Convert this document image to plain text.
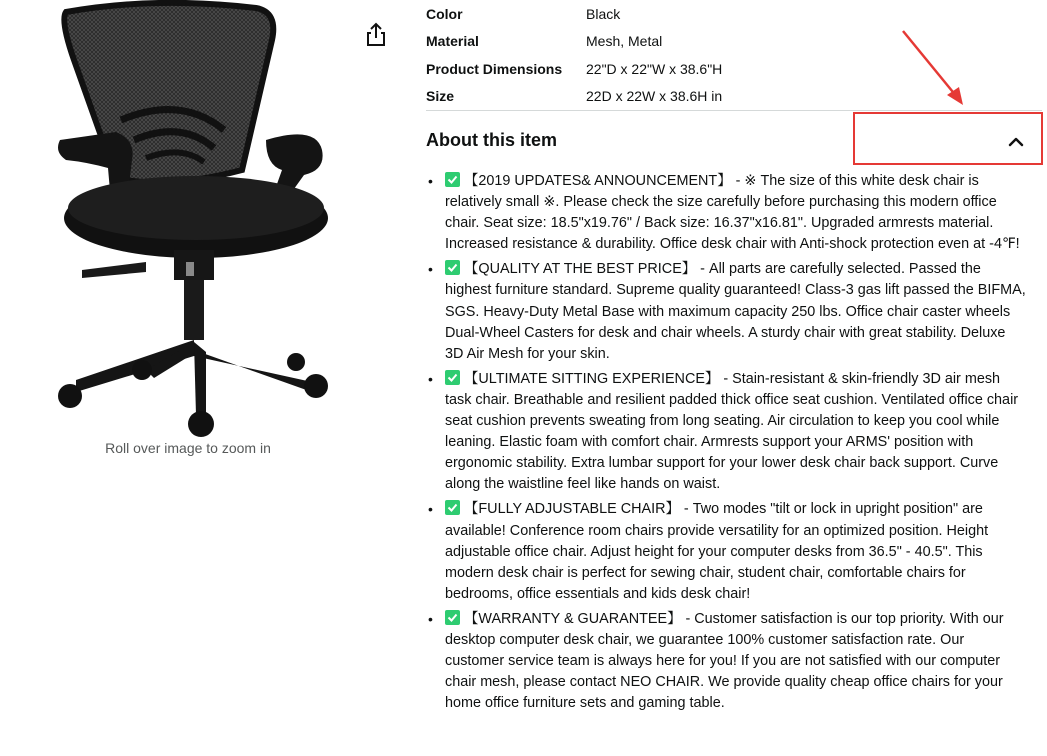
Roll over image to zoom in
Color	Black
Material	Mesh, Metal
Product Dimensions	22"D x 22"W x 38.6"H
Size	22D x 22W x 38.6H in
About this item
• 【2019 UPDATES& ANNOUNCEMENT】 - ※ The size of this white desk chair is relatively small ※. Please check the size carefully before purchasing this modern office chair. Seat size: 18.5"x19.76" / Back size: 16.37"x16.81". Upgraded armrests material. Increased resistance & durability. Office desk chair with Anti-shock protection even at -4℉!
• 【QUALITY AT THE BEST PRICE】 - All parts are carefully selected. Passed the highest furniture standard. Supreme quality guaranteed! Class-3 gas lift passed the BIFMA, SGS. Heavy-Duty Metal Base with maximum capacity 250 lbs. Office chair caster wheels Dual-Wheel Casters for desk and chair wheels. A sturdy chair with great stability. Deluxe 3D Air Mesh for your skin.
• 【ULTIMATE SITTING EXPERIENCE】 - Stain-resistant & skin-friendly 3D air mesh task chair. Breathable and resilient padded thick office seat cushion. Ventilated office chair seat cushion prevents sweating from long seating. Air circulation to keep you cool while leaning. Elastic foam with comfort chair. Armrests support your ARMS' position with ergonomic stability. Extra lumbar support for your lower desk chair back support. Curve along the waistline feel like hands on waist.
• 【FULLY ADJUSTABLE CHAIR】 - Two modes "tilt or lock in upright position" are available! Conference room chairs provide versatility for an optimized position. Height adjustable office chair. Adjust height for your computer desks from 36.5" - 40.5". This modern desk chair is perfect for sewing chair, student chair, comfortable chairs for bedrooms, office essentials and kids desk chair!
• 【WARRANTY & GUARANTEE】 - Customer satisfaction is our top priority. With our desktop computer desk chair, we guarantee 100% customer satisfaction rate. Our customer service team is always here for you! If you are not satisfied with our computer chair mesh, please contact NEO CHAIR. We provide quality cheap office chairs for your home office furniture sets and gaming table.
